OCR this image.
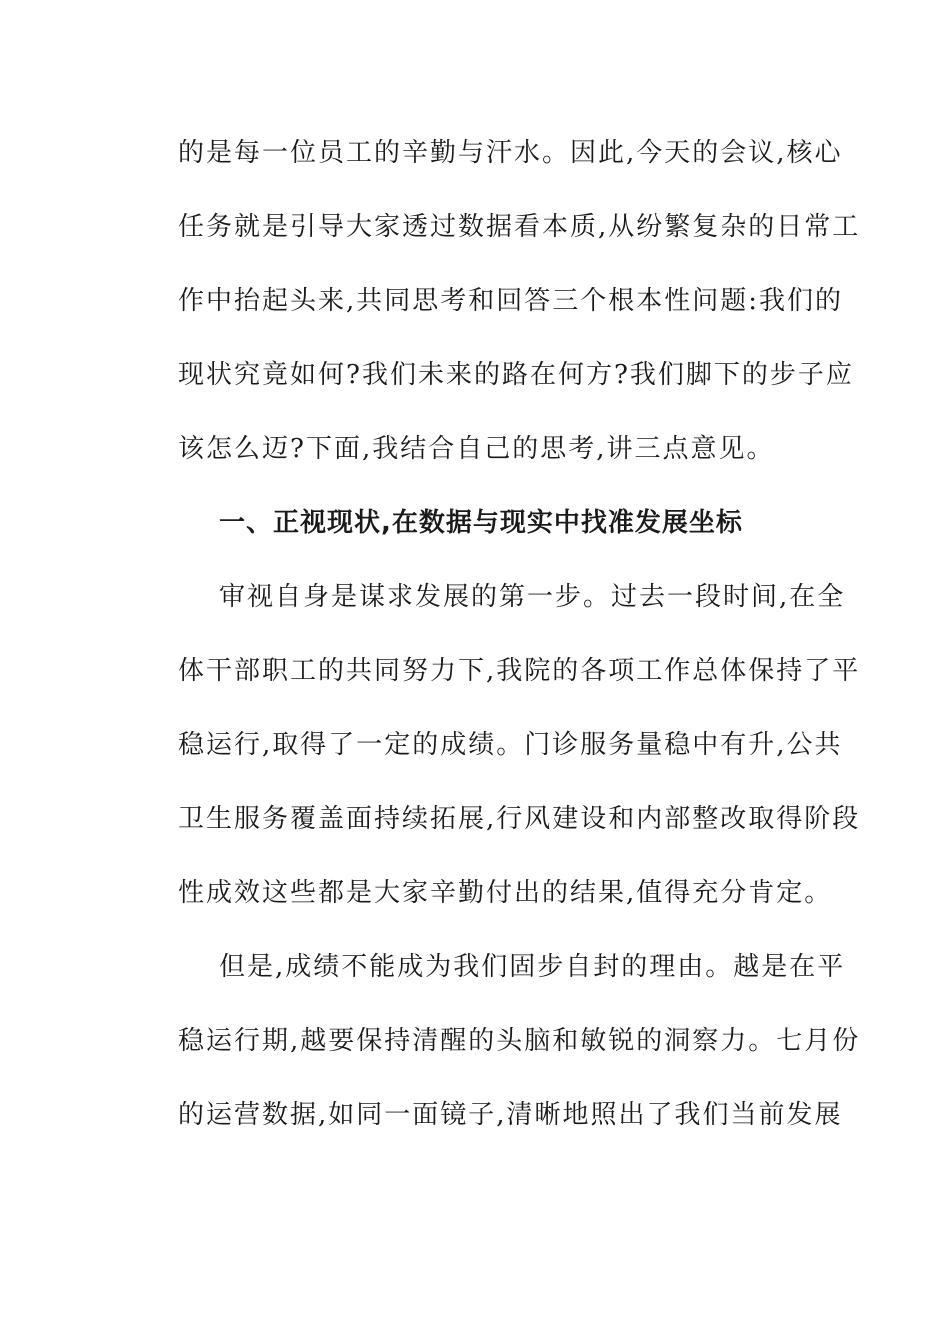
的是每一位员工的辛勤与汗水。因此,今天的会议,核心
任务就是引导大家透过数据看本质,从纷繁复杂的日常工
作中抬起头来,共同思考和回答三个根本性问题:我们的
现状究竟如何?我们未来的路在何方?我们脚下的步子应
该怎么迈?下面,我结合自己的思考,讲三点意见。
一、正视现状,在数据与现实中找准发展坐标
审视自身是谋求发展的第一步。过去一段时间,在全
体干部职工的共同努力下,我院的各项工作总体保持了平
稳运行,取得了一定的成绩。门诊服务量稳中有升,公共
卫生服务覆盖面持续拓展,行风建设和内部整改取得阶段
性成效这些都是大家辛勤付出的结果,值得充分肯定。
但是,成绩不能成为我们固步自封的理由。越是在平
稳运行期,越要保持清醒的头脑和敏锐的洞察力。七月份
的运营数据,如同一面镜子,清晰地照出了我们当前发展
